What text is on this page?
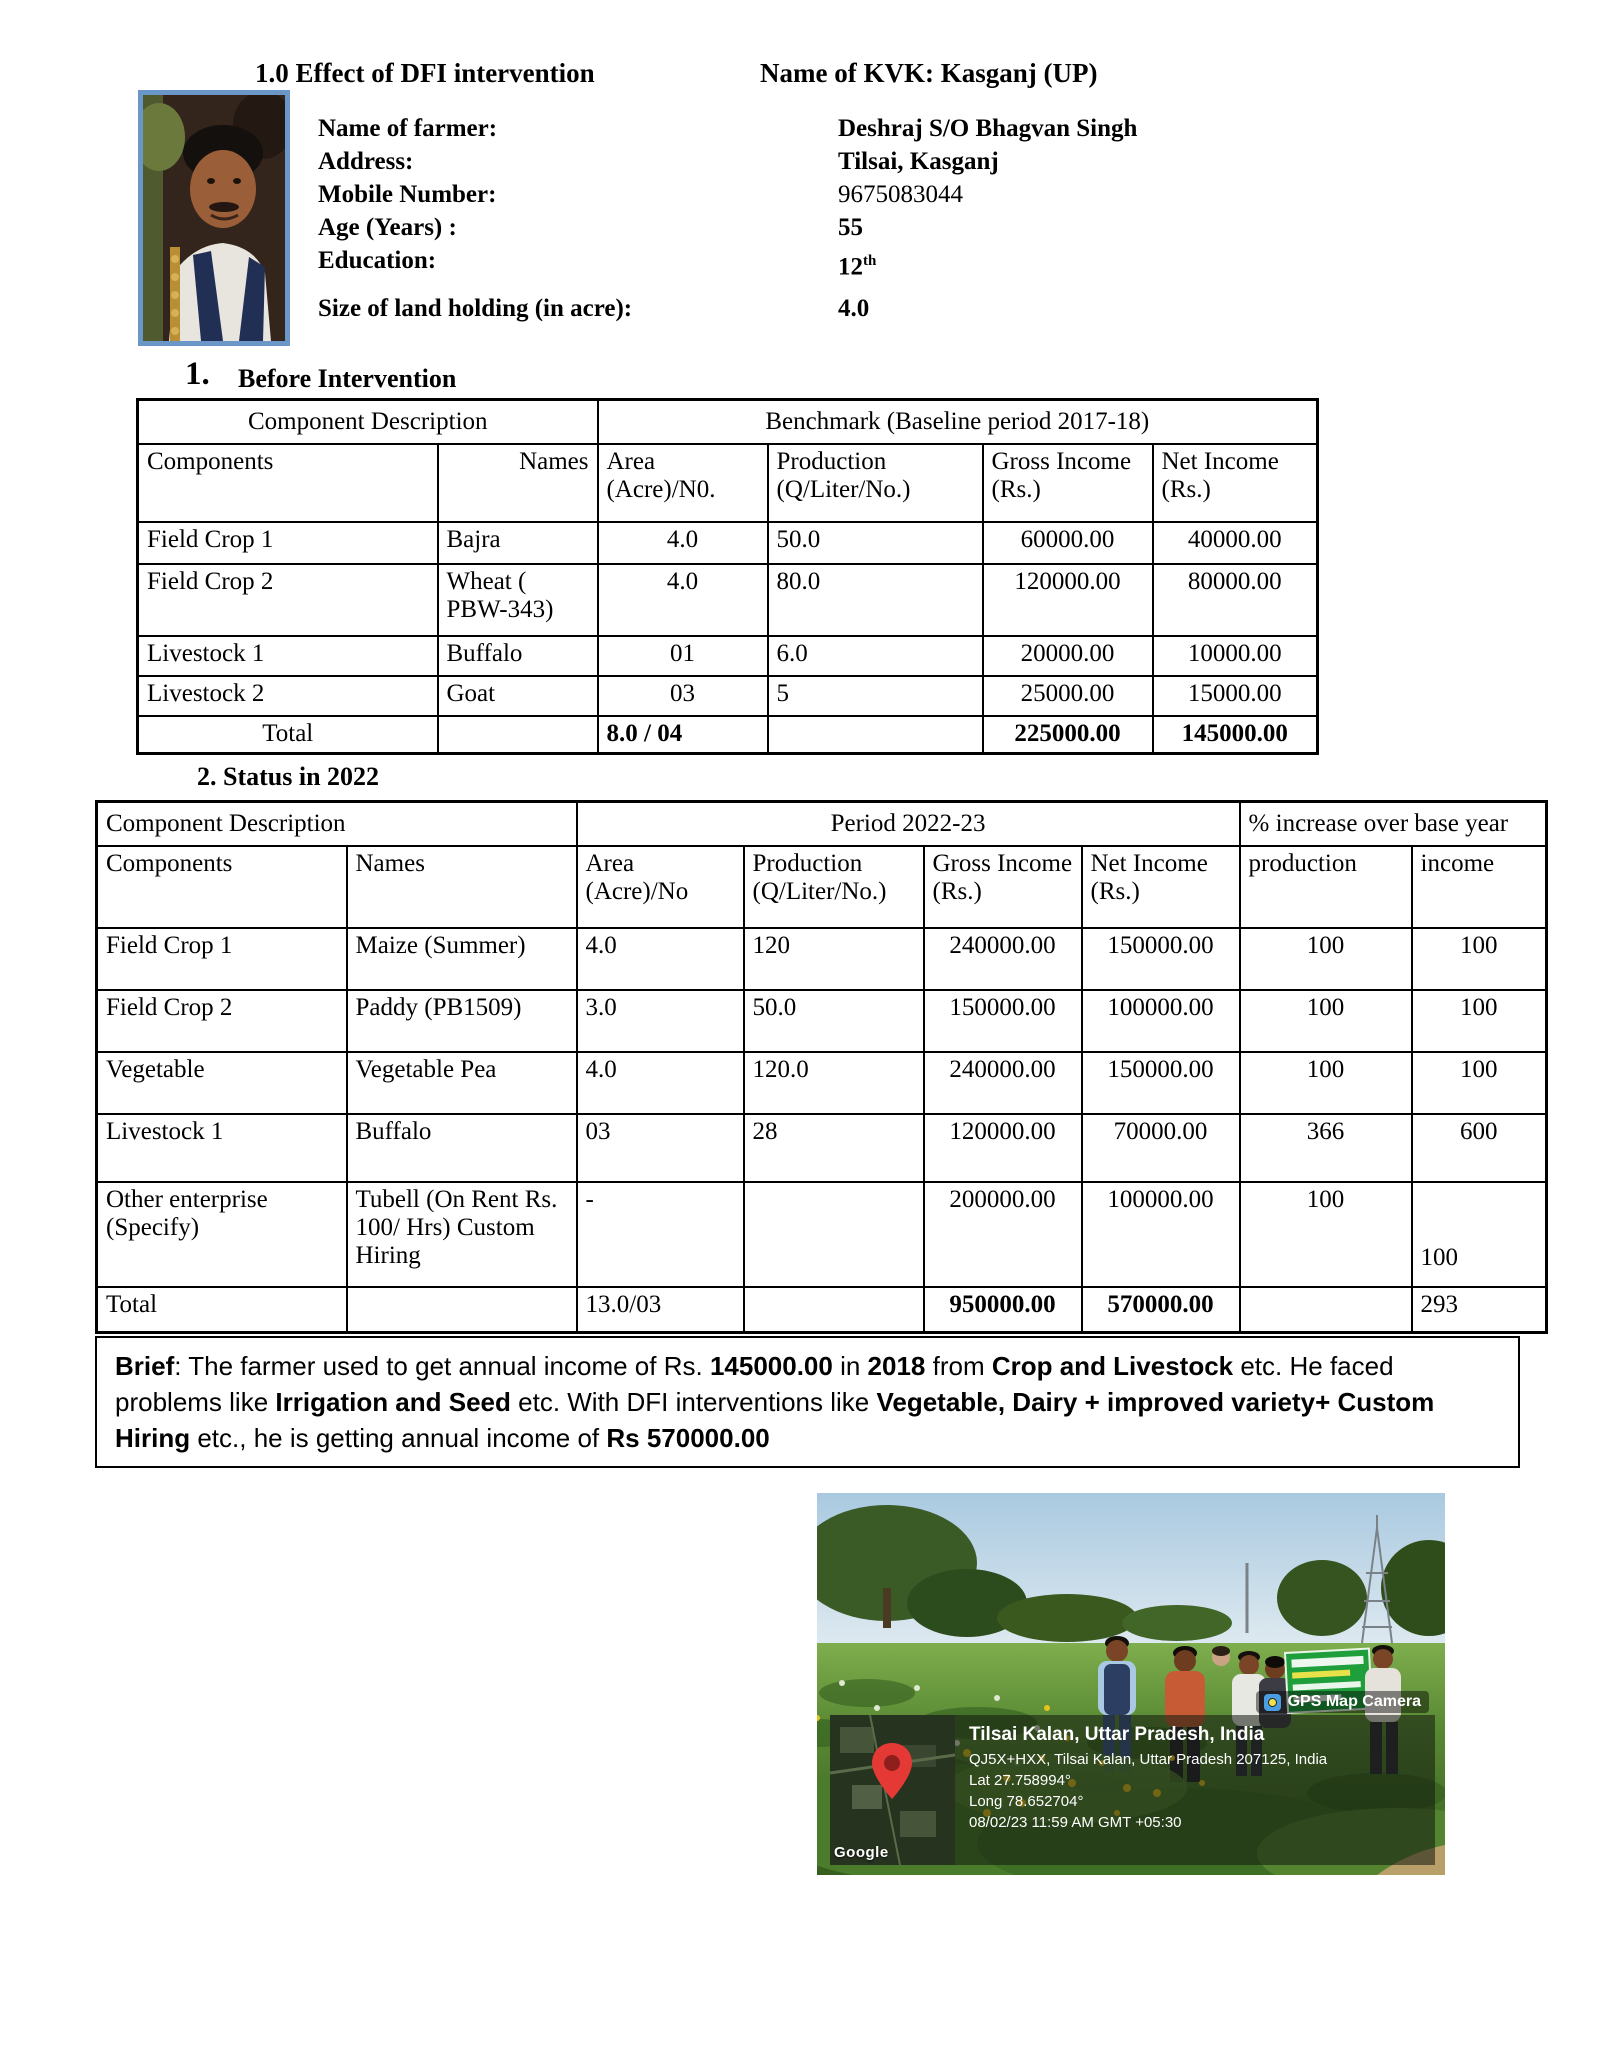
1.0 Effect of DFI intervention	Name of KVK: Kasganj (UP)
Name of farmer:	Deshraj S/O Bhagvan Singh
Address:	Tilsai, Kasganj
Mobile Number:	9675083044
Age (Years) :	55
Education:	12th
Size of land holding (in acre):	4.0
1. Before Intervention
Component Description		Benchmark (Baseline period 2017-18)			
Components	Names	Area (Acre)/N0.	Production (Q/Liter/No.)	Gross Income (Rs.)	Net Income (Rs.)
Field Crop 1	Bajra	4.0	50.0	60000.00	40000.00
Field Crop 2	Wheat ( PBW-343)	4.0	80.0	120000.00	80000.00
Livestock 1	Buffalo	01	6.0	20000.00	10000.00
Livestock 2	Goat	03	5	25000.00	15000.00
Total		8.0 / 04		225000.00	145000.00
2. Status in 2022
Component Description		Period 2022-23				% increase over base year	
Components	Names	Area (Acre)/No	Production (Q/Liter/No.)	Gross Income (Rs.)	Net Income (Rs.)	production	income
Field Crop 1	Maize (Summer)	4.0	120	240000.00	150000.00	100	100
Field Crop 2	Paddy (PB1509)	3.0	50.0	150000.00	100000.00	100	100
Vegetable	Vegetable Pea	4.0	120.0	240000.00	150000.00	100	100
Livestock 1	Buffalo	03	28	120000.00	70000.00	366	600
Other enterprise (Specify)	Tubell (On Rent Rs. 100/ Hrs) Custom Hiring	-		200000.00	100000.00	100	100
Total		13.0/03		950000.00	570000.00		293
Brief: The farmer used to get annual income of Rs. 145000.00 in 2018 from Crop and Livestock etc. He faced problems like Irrigation and Seed etc. With DFI interventions like Vegetable, Dairy + improved variety+ Custom Hiring etc., he is getting annual income of Rs 570000.00
GPS Map Camera
Google
Tilsai Kalan, Uttar Pradesh, India
QJ5X+HXX, Tilsai Kalan, Uttar Pradesh 207125, India
Lat 27.758994°
Long 78.652704°
08/02/23 11:59 AM GMT +05:30
